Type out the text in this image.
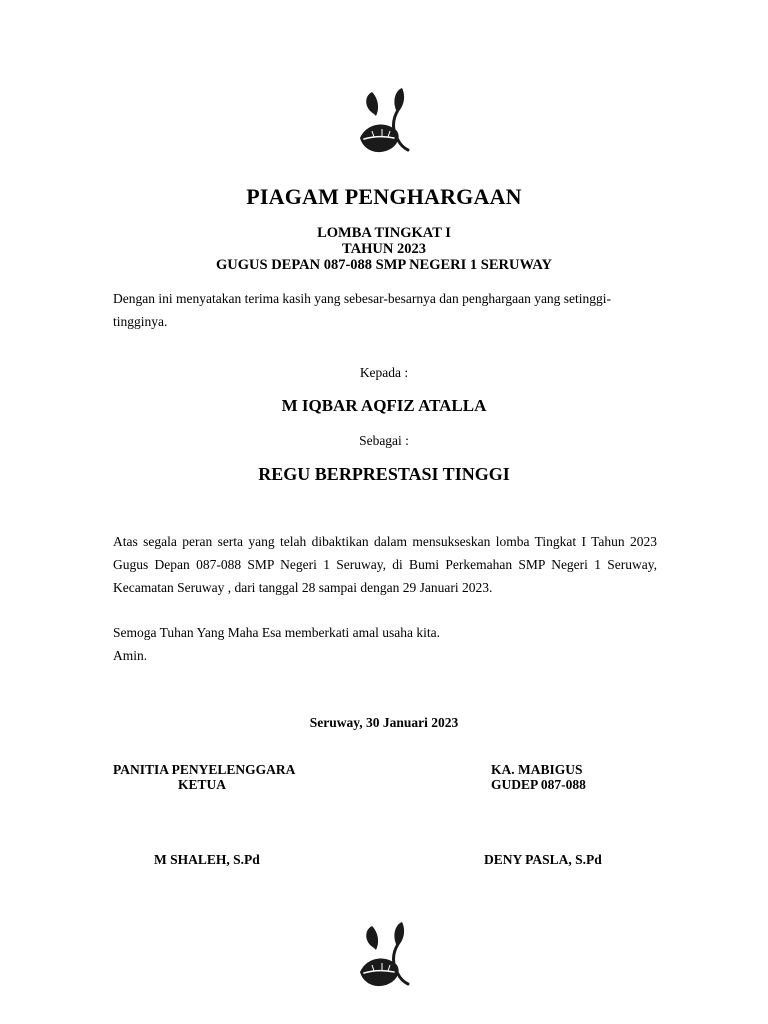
PIAGAM PENGHARGAAN
LOMBA TINGKAT I
TAHUN 2023
GUGUS DEPAN 087-088 SMP NEGERI 1 SERUWAY
Dengan ini menyatakan terima kasih yang sebesar-besarnya dan penghargaan yang setinggi-tingginya.
Kepada :
M IQBAR AQFIZ ATALLA
Sebagai :
REGU BERPRESTASI TINGGI
Atas segala peran serta yang telah dibaktikan dalam mensukseskan lomba Tingkat I Tahun 2023 Gugus Depan 087-088 SMP Negeri 1 Seruway, di Bumi Perkemahan SMP Negeri 1 Seruway, Kecamatan Seruway , dari tanggal 28 sampai dengan 29 Januari 2023.
Semoga Tuhan Yang Maha Esa memberkati amal usaha kita.
Amin.
Seruway, 30 Januari 2023
PANITIA PENYELENGGARA
KETUA
M SHALEH, S.Pd
KA. MABIGUS
GUDEP 087-088
DENY PASLA, S.Pd
